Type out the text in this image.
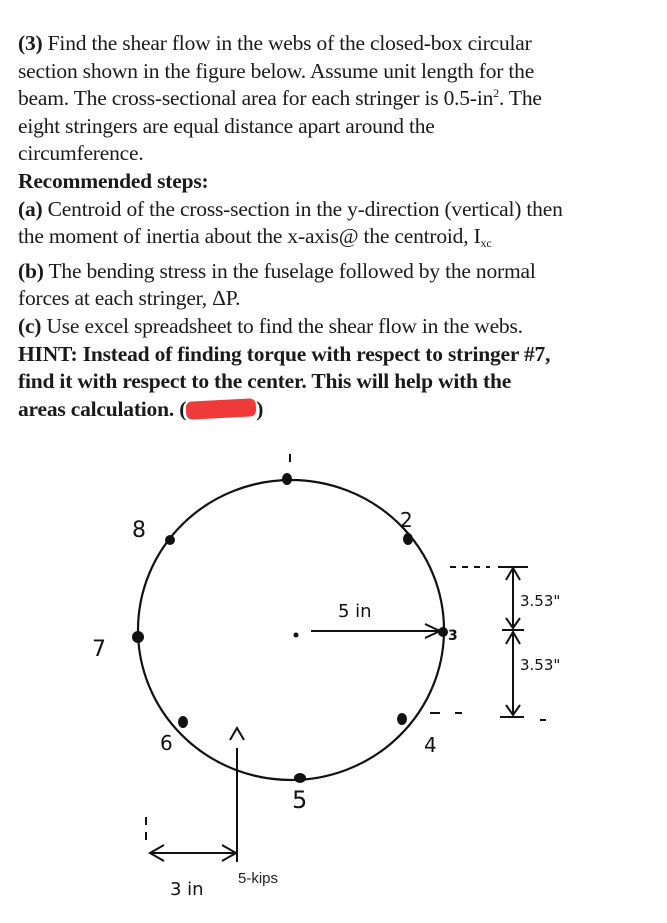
(3) Find the shear flow in the webs of the closed-box circular
section shown in the figure below. Assume unit length for the
beam. The cross-sectional area for each stringer is $0.5-in^2$. The
eight stringers are equal distance apart around the
circumference.
Recommended steps:
(a) Centroid of the cross-section in the y-direction (vertical) then
the moment of inertia about the x-axis@ the centroid, $I_{xc}$
(b) The bending stress in the fuselage followed by the normal
forces at each stringer, ΔP.
(c) Use excel spreadsheet to find the shear flow in the webs.
HINT: Instead of finding torque with respect to stringer #7,
find it with respect to the center. This will help with the
areas calculation. (	)
2
3
4
5
6
7
8
5 in	3.53"
3.53"
3 in
5-kips
